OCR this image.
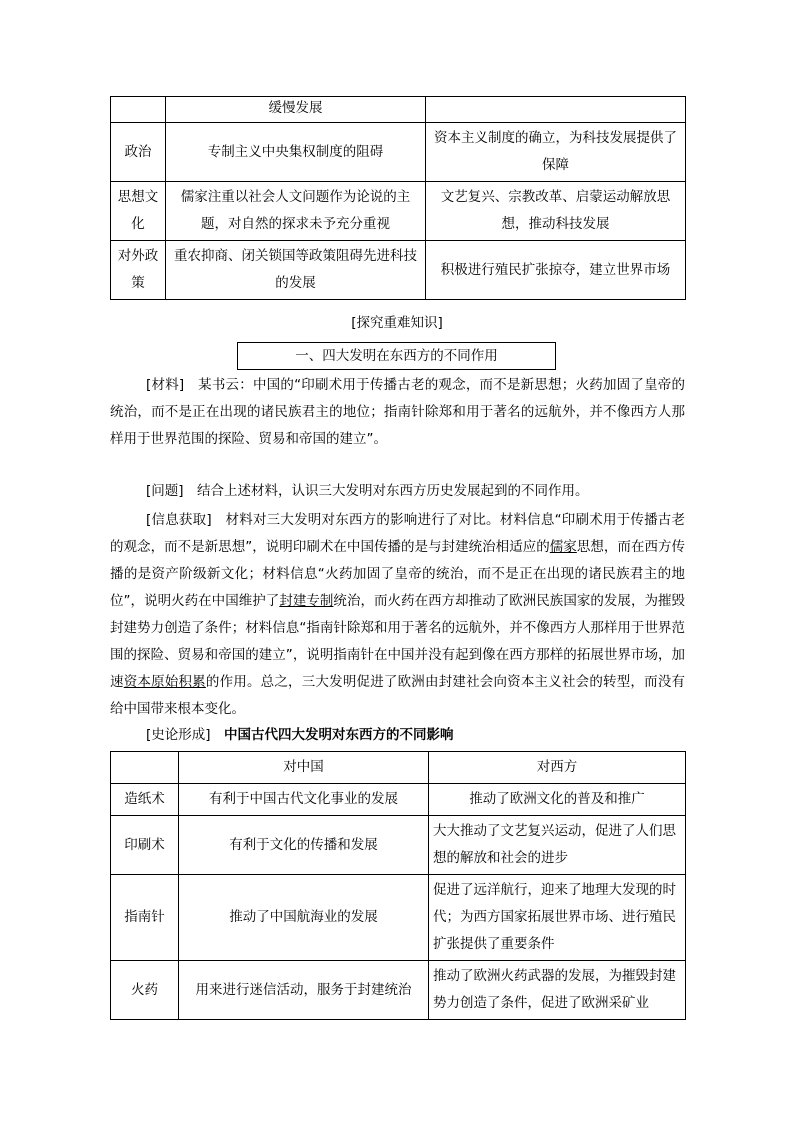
	缓慢发展	
政治	专制主义中央集权制度的阻碍	资本主义制度的确立，为科技发展提供了保障
思想文化	儒家注重以社会人文问题作为论说的主题，对自然的探求未予充分重视	文艺复兴、宗教改革、启蒙运动解放思想，推动科技发展
对外政策	重农抑商、闭关锁国等政策阻碍先进科技的发展	积极进行殖民扩张掠夺，建立世界市场
[探究重难知识]
一、四大发明在东西方的不同作用
[材料]　 某书云：中国的“印刷术用于传播古老的观念，而不是新思想；火药加固了皇帝的统治，而不是正在出现的诸民族君主的地位；指南针除郑和用于著名的远航外，并不像西方人那样用于世界范围的探险、贸易和帝国的建立”。
[问题]　 结合上述材料，认识三大发明对东西方历史发展起到的不同作用。
[信息获取]　 材料对三大发明对东西方的影响进行了对比。材料信息“印刷术用于传播古老的观念，而不是新思想”，说明印刷术在中国传播的是与封建统治相适应的儒家思想，而在西方传播的是资产阶级新文化；材料信息“火药加固了皇帝的统治，而不是正在出现的诸民族君主的地位”，说明火药在中国维护了封建专制统治，而火药在西方却推动了欧洲民族国家的发展，为摧毁封建势力创造了条件；材料信息“指南针除郑和用于著名的远航外，并不像西方人那样用于世界范围的探险、贸易和帝国的建立”，说明指南针在中国并没有起到像在西方那样的拓展世界市场，加速资本原始积累的作用。总之，三大发明促进了欧洲由封建社会向资本主义社会的转型，而没有给中国带来根本变化。
[史论形成]　 中国古代四大发明对东西方的不同影响
	对中国	对西方
造纸术	有利于中国古代文化事业的发展	推动了欧洲文化的普及和推广
印刷术	有利于文化的传播和发展	大大推动了文艺复兴运动，促进了人们思想的解放和社会的进步
指南针	推动了中国航海业的发展	促进了远洋航行，迎来了地理大发现的时代；为西方国家拓展世界市场、进行殖民扩张提供了重要条件
火药	用来进行迷信活动，服务于封建统治	推动了欧洲火药武器的发展，为摧毁封建势力创造了条件，促进了欧洲采矿业
